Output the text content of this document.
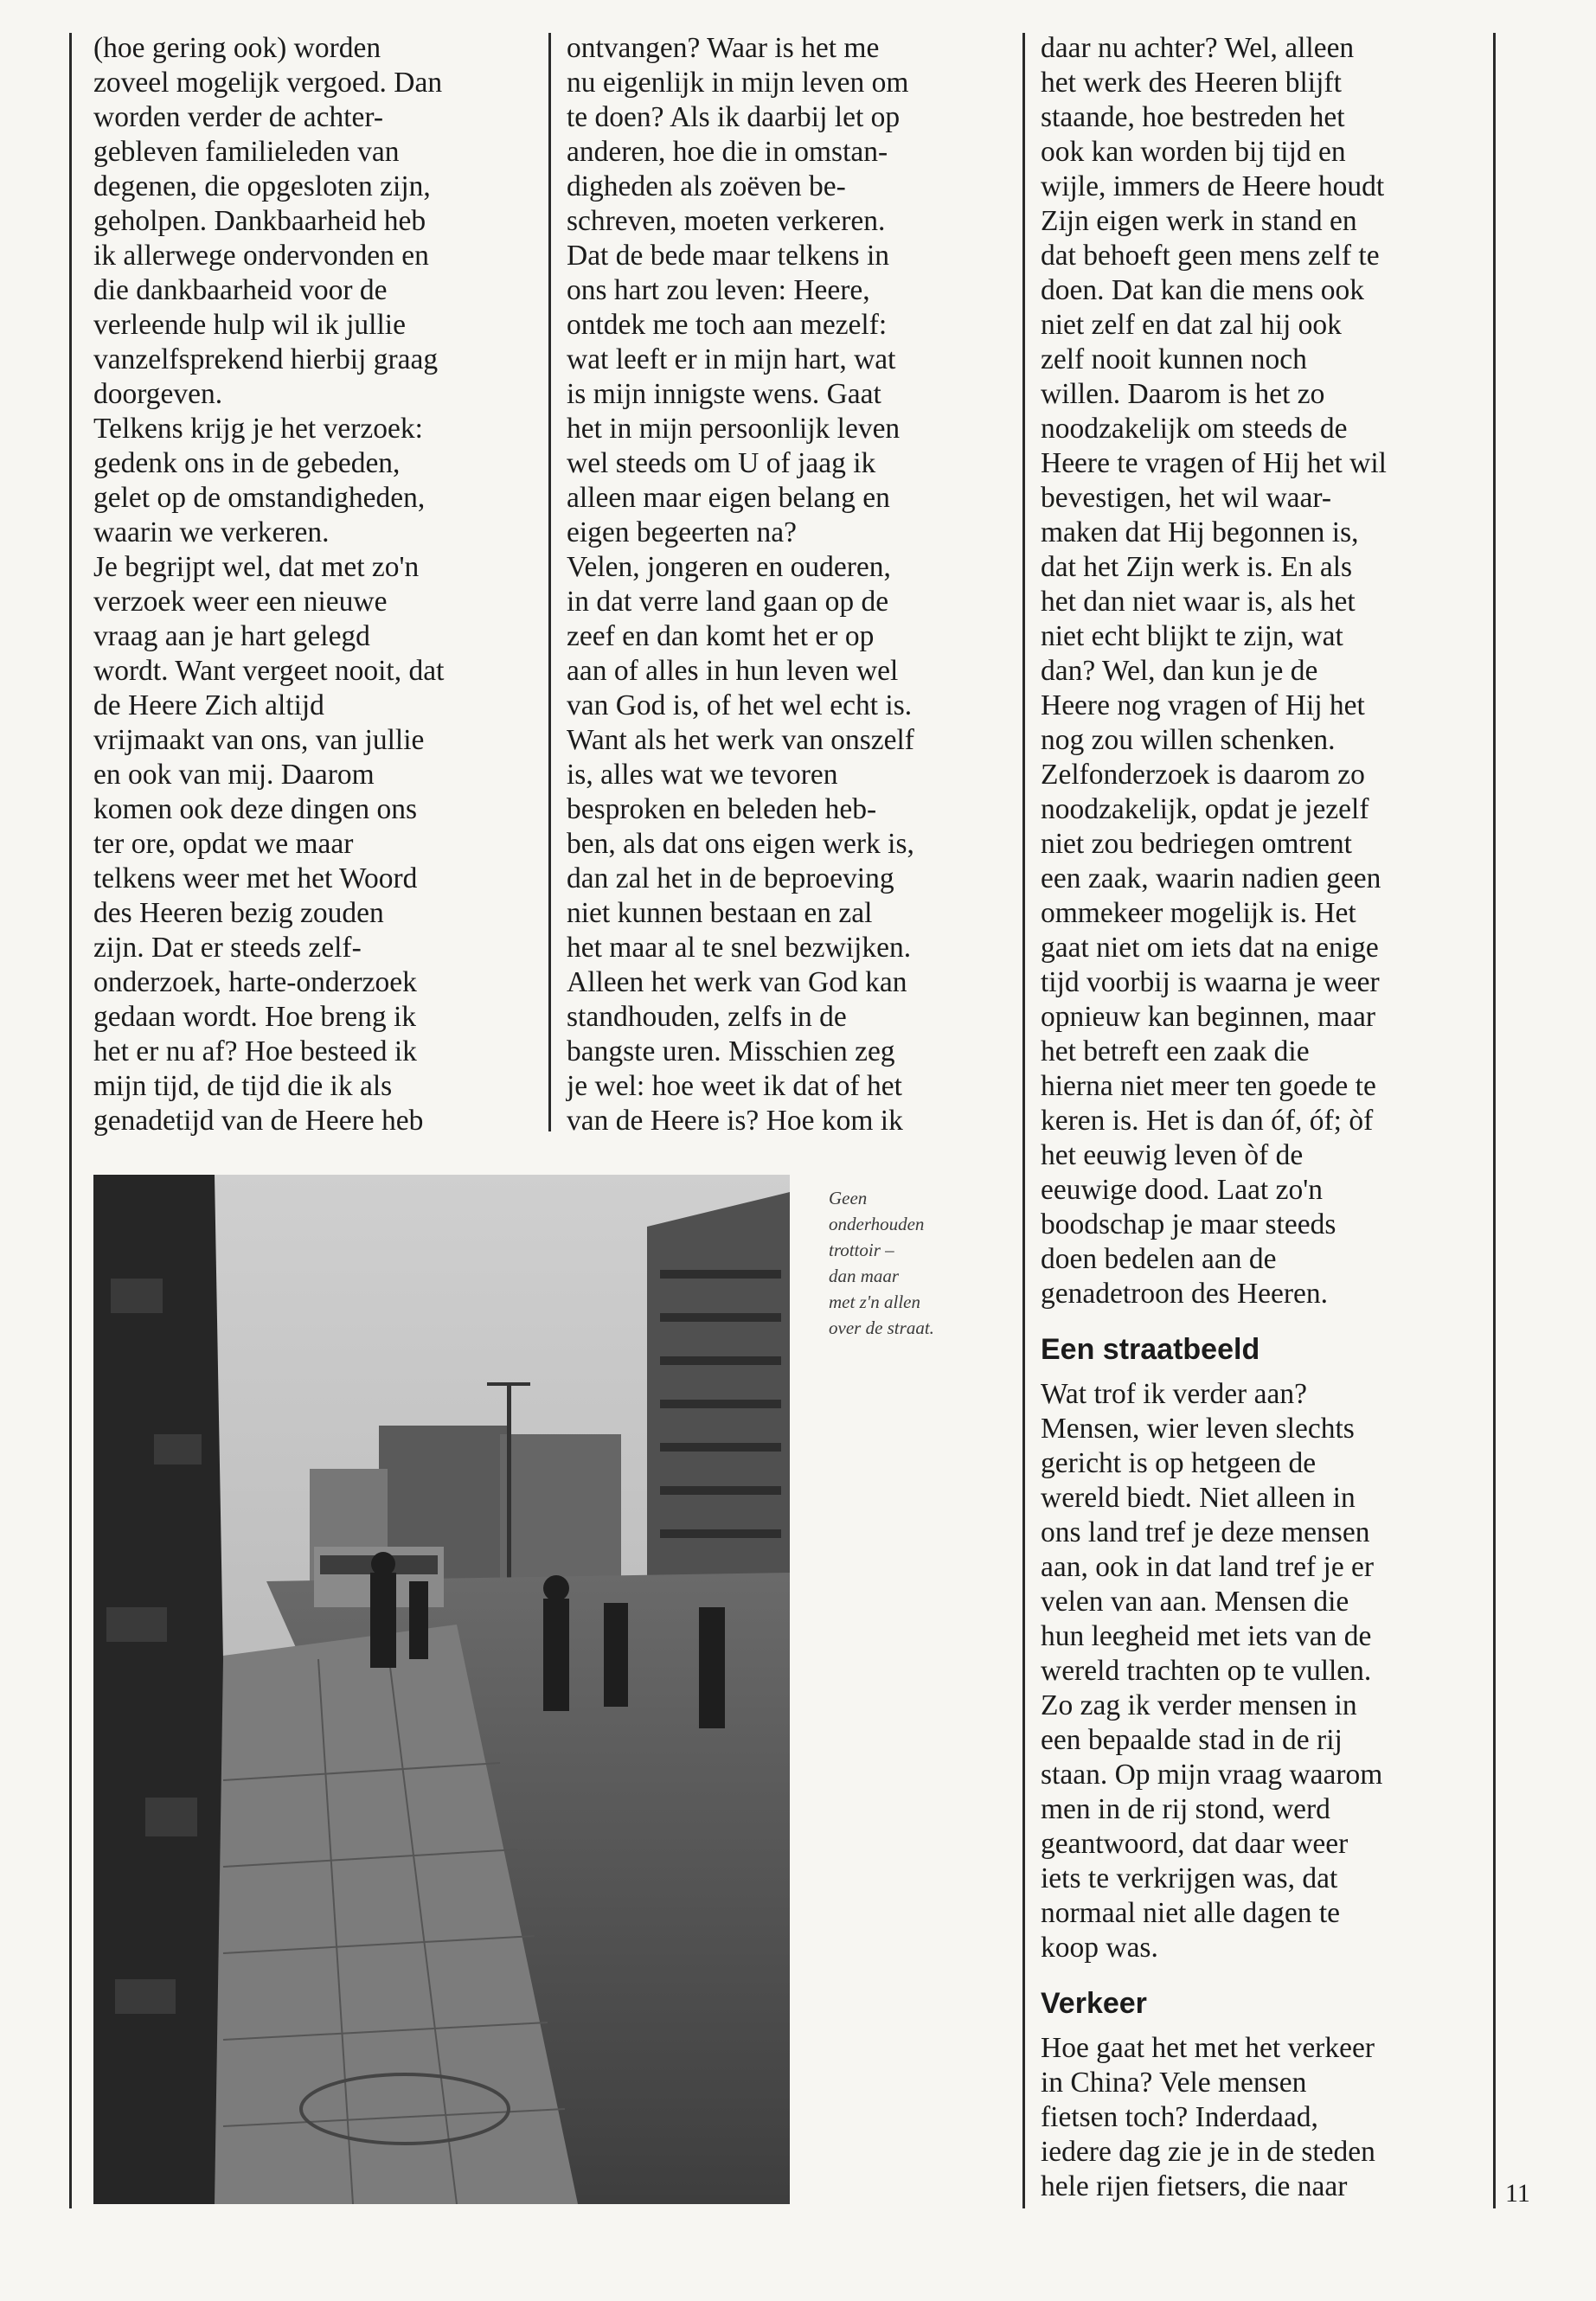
(hoe gering ook) worden

zoveel mogelijk vergoed. Dan

worden verder de achter-

gebleven familieleden van

degenen, die opgesloten zijn,

geholpen. Dankbaarheid heb

ik allerwege ondervonden en

die dankbaarheid voor de

verleende hulp wil ik jullie

vanzelfsprekend hierbij graag

doorgeven.

Telkens krijg je het verzoek:

gedenk ons in de gebeden,

gelet op de omstandigheden,

waarin we verkeren.

Je begrijpt wel, dat met zo'n

verzoek weer een nieuwe

vraag aan je hart gelegd

wordt. Want vergeet nooit, dat

de Heere Zich altijd

vrijmaakt van ons, van jullie

en ook van mij. Daarom

komen ook deze dingen ons

ter ore, opdat we maar

telkens weer met het Woord

des Heeren bezig zouden

zijn. Dat er steeds zelf-

onderzoek, harte-onderzoek

gedaan wordt. Hoe breng ik

het er nu af? Hoe besteed ik

mijn tijd, de tijd die ik als

genadetijd van de Heere heb

ontvangen? Waar is het me

nu eigenlijk in mijn leven om

te doen? Als ik daarbij let op

anderen, hoe die in omstan-

digheden als zoëven be-

schreven, moeten verkeren.

Dat de bede maar telkens in

ons hart zou leven: Heere,

ontdek me toch aan mezelf:

wat leeft er in mijn hart, wat

is mijn innigste wens. Gaat

het in mijn persoonlijk leven

wel steeds om U of jaag ik

alleen maar eigen belang en

eigen begeerten na?

Velen, jongeren en ouderen,

in dat verre land gaan op de

zeef en dan komt het er op

aan of alles in hun leven wel

van God is, of het wel echt is.

Want als het werk van onszelf

is, alles wat we tevoren

besproken en beleden heb-

ben, als dat ons eigen werk is,

dan zal het in de beproeving

niet kunnen bestaan en zal

het maar al te snel bezwijken.

Alleen het werk van God kan

standhouden, zelfs in de

bangste uren. Misschien zeg

je wel: hoe weet ik dat of het

van de Heere is? Hoe kom ik

daar nu achter? Wel, alleen

het werk des Heeren blijft

staande, hoe bestreden het

ook kan worden bij tijd en

wijle, immers de Heere houdt

Zijn eigen werk in stand en

dat behoeft geen mens zelf te

doen. Dat kan die mens ook

niet zelf en dat zal hij ook

zelf nooit kunnen noch

willen. Daarom is het zo

noodzakelijk om steeds de

Heere te vragen of Hij het wil

bevestigen, het wil waar-

maken dat Hij begonnen is,

dat het Zijn werk is. En als

het dan niet waar is, als het

niet echt blijkt te zijn, wat

dan? Wel, dan kun je de

Heere nog vragen of Hij het

nog zou willen schenken.

Zelfonderzoek is daarom zo

noodzakelijk, opdat je jezelf

niet zou bedriegen omtrent

een zaak, waarin nadien geen

ommekeer mogelijk is. Het

gaat niet om iets dat na enige

tijd voorbij is waarna je weer

opnieuw kan beginnen, maar

het betreft een zaak die

hierna niet meer ten goede te

keren is. Het is dan óf, óf; òf

het eeuwig leven òf de

eeuwige dood. Laat zo'n

boodschap je maar steeds

doen bedelen aan de

genadetroon des Heeren.

Een straatbeeld

Wat trof ik verder aan?

Mensen, wier leven slechts

gericht is op hetgeen de

wereld biedt. Niet alleen in

ons land tref je deze mensen

aan, ook in dat land tref je er

velen van aan. Mensen die

hun leegheid met iets van de

wereld trachten op te vullen.

Zo zag ik verder mensen in

een bepaalde stad in de rij

staan. Op mijn vraag waarom

men in de rij stond, werd

geantwoord, dat daar weer

iets te verkrijgen was, dat

normaal niet alle dagen te

koop was.

Verkeer

Hoe gaat het met het verkeer

in China? Vele mensen

fietsen toch? Inderdaad,

iedere dag zie je in de steden

hele rijen fietsers, die naar

Geen

onderhouden

trottoir –

dan maar

met z'n allen

over de straat.

11
